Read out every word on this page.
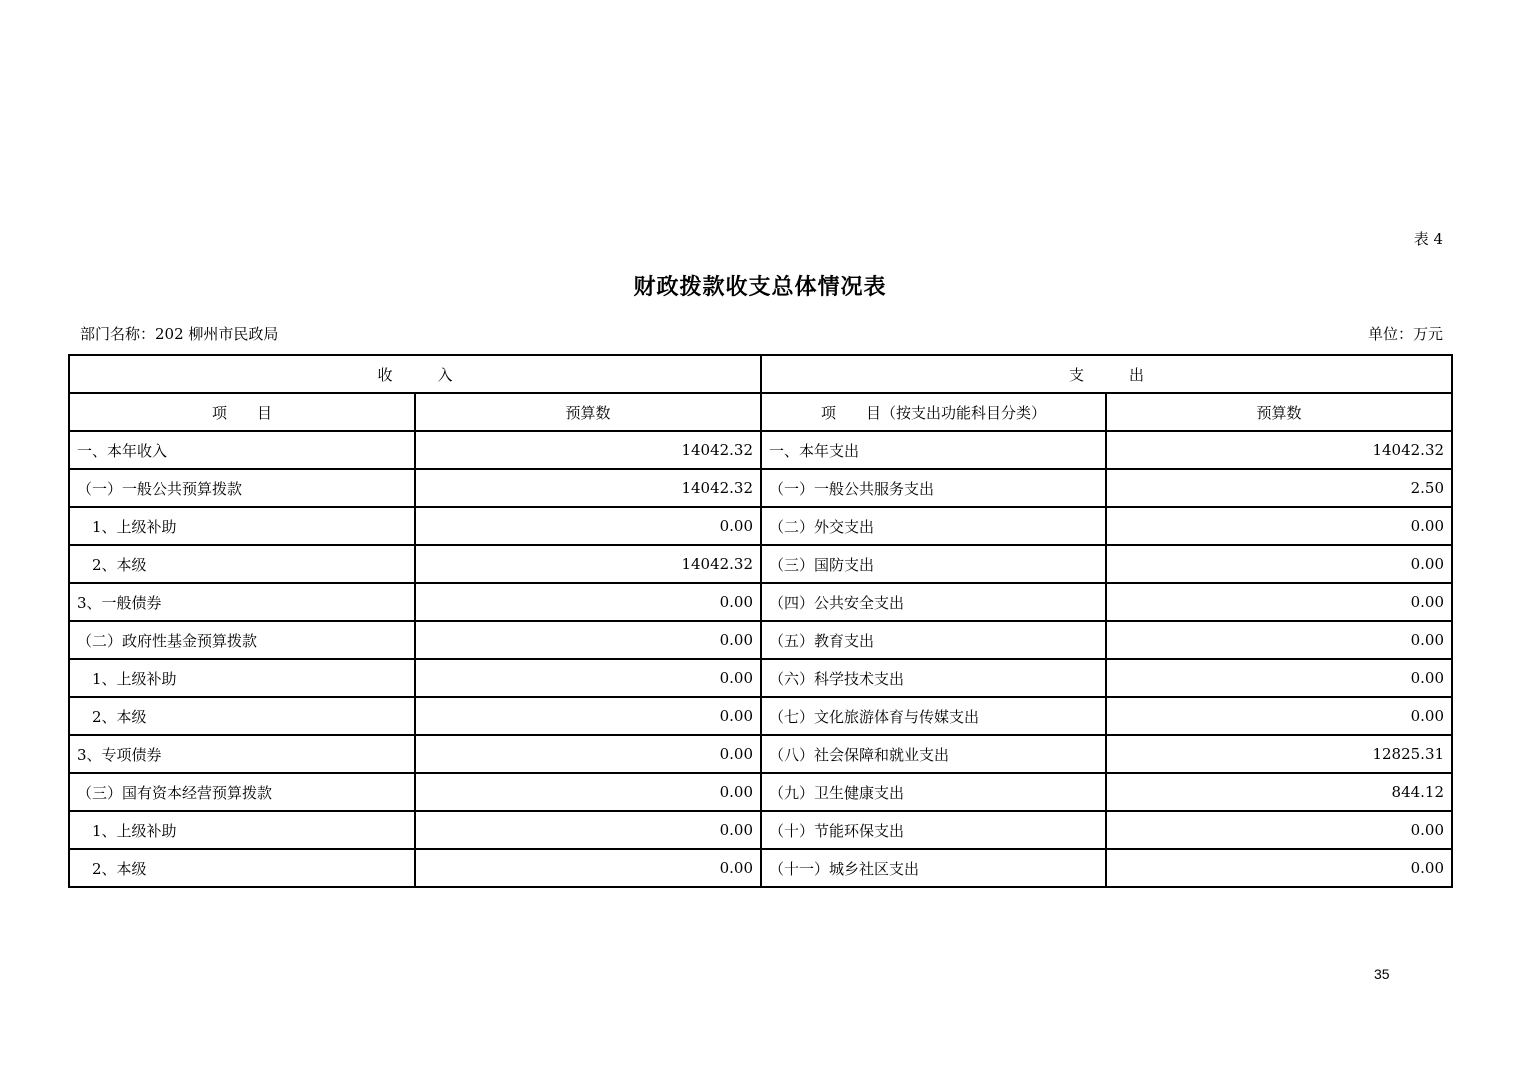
表 4
财政拨款收支总体情况表
部门名称：202 柳州市民政局	单位：万元
收　　　入		支　　　出	
项　　目	预算数	项　　目（按支出功能科目分类）	预算数
一、本年收入	14042.32	一、本年支出	14042.32
（一）一般公共预算拨款	14042.32	（一）一般公共服务支出	2.50
　1、上级补助	0.00	（二）外交支出	0.00
　2、本级	14042.32	（三）国防支出	0.00
3、一般债券	0.00	（四）公共安全支出	0.00
（二）政府性基金预算拨款	0.00	（五）教育支出	0.00
　1、上级补助	0.00	（六）科学技术支出	0.00
　2、本级	0.00	（七）文化旅游体育与传媒支出	0.00
3、专项债券	0.00	（八）社会保障和就业支出	12825.31
（三）国有资本经营预算拨款	0.00	（九）卫生健康支出	844.12
　1、上级补助	0.00	（十）节能环保支出	0.00
　2、本级	0.00	（十一）城乡社区支出	0.00
35
